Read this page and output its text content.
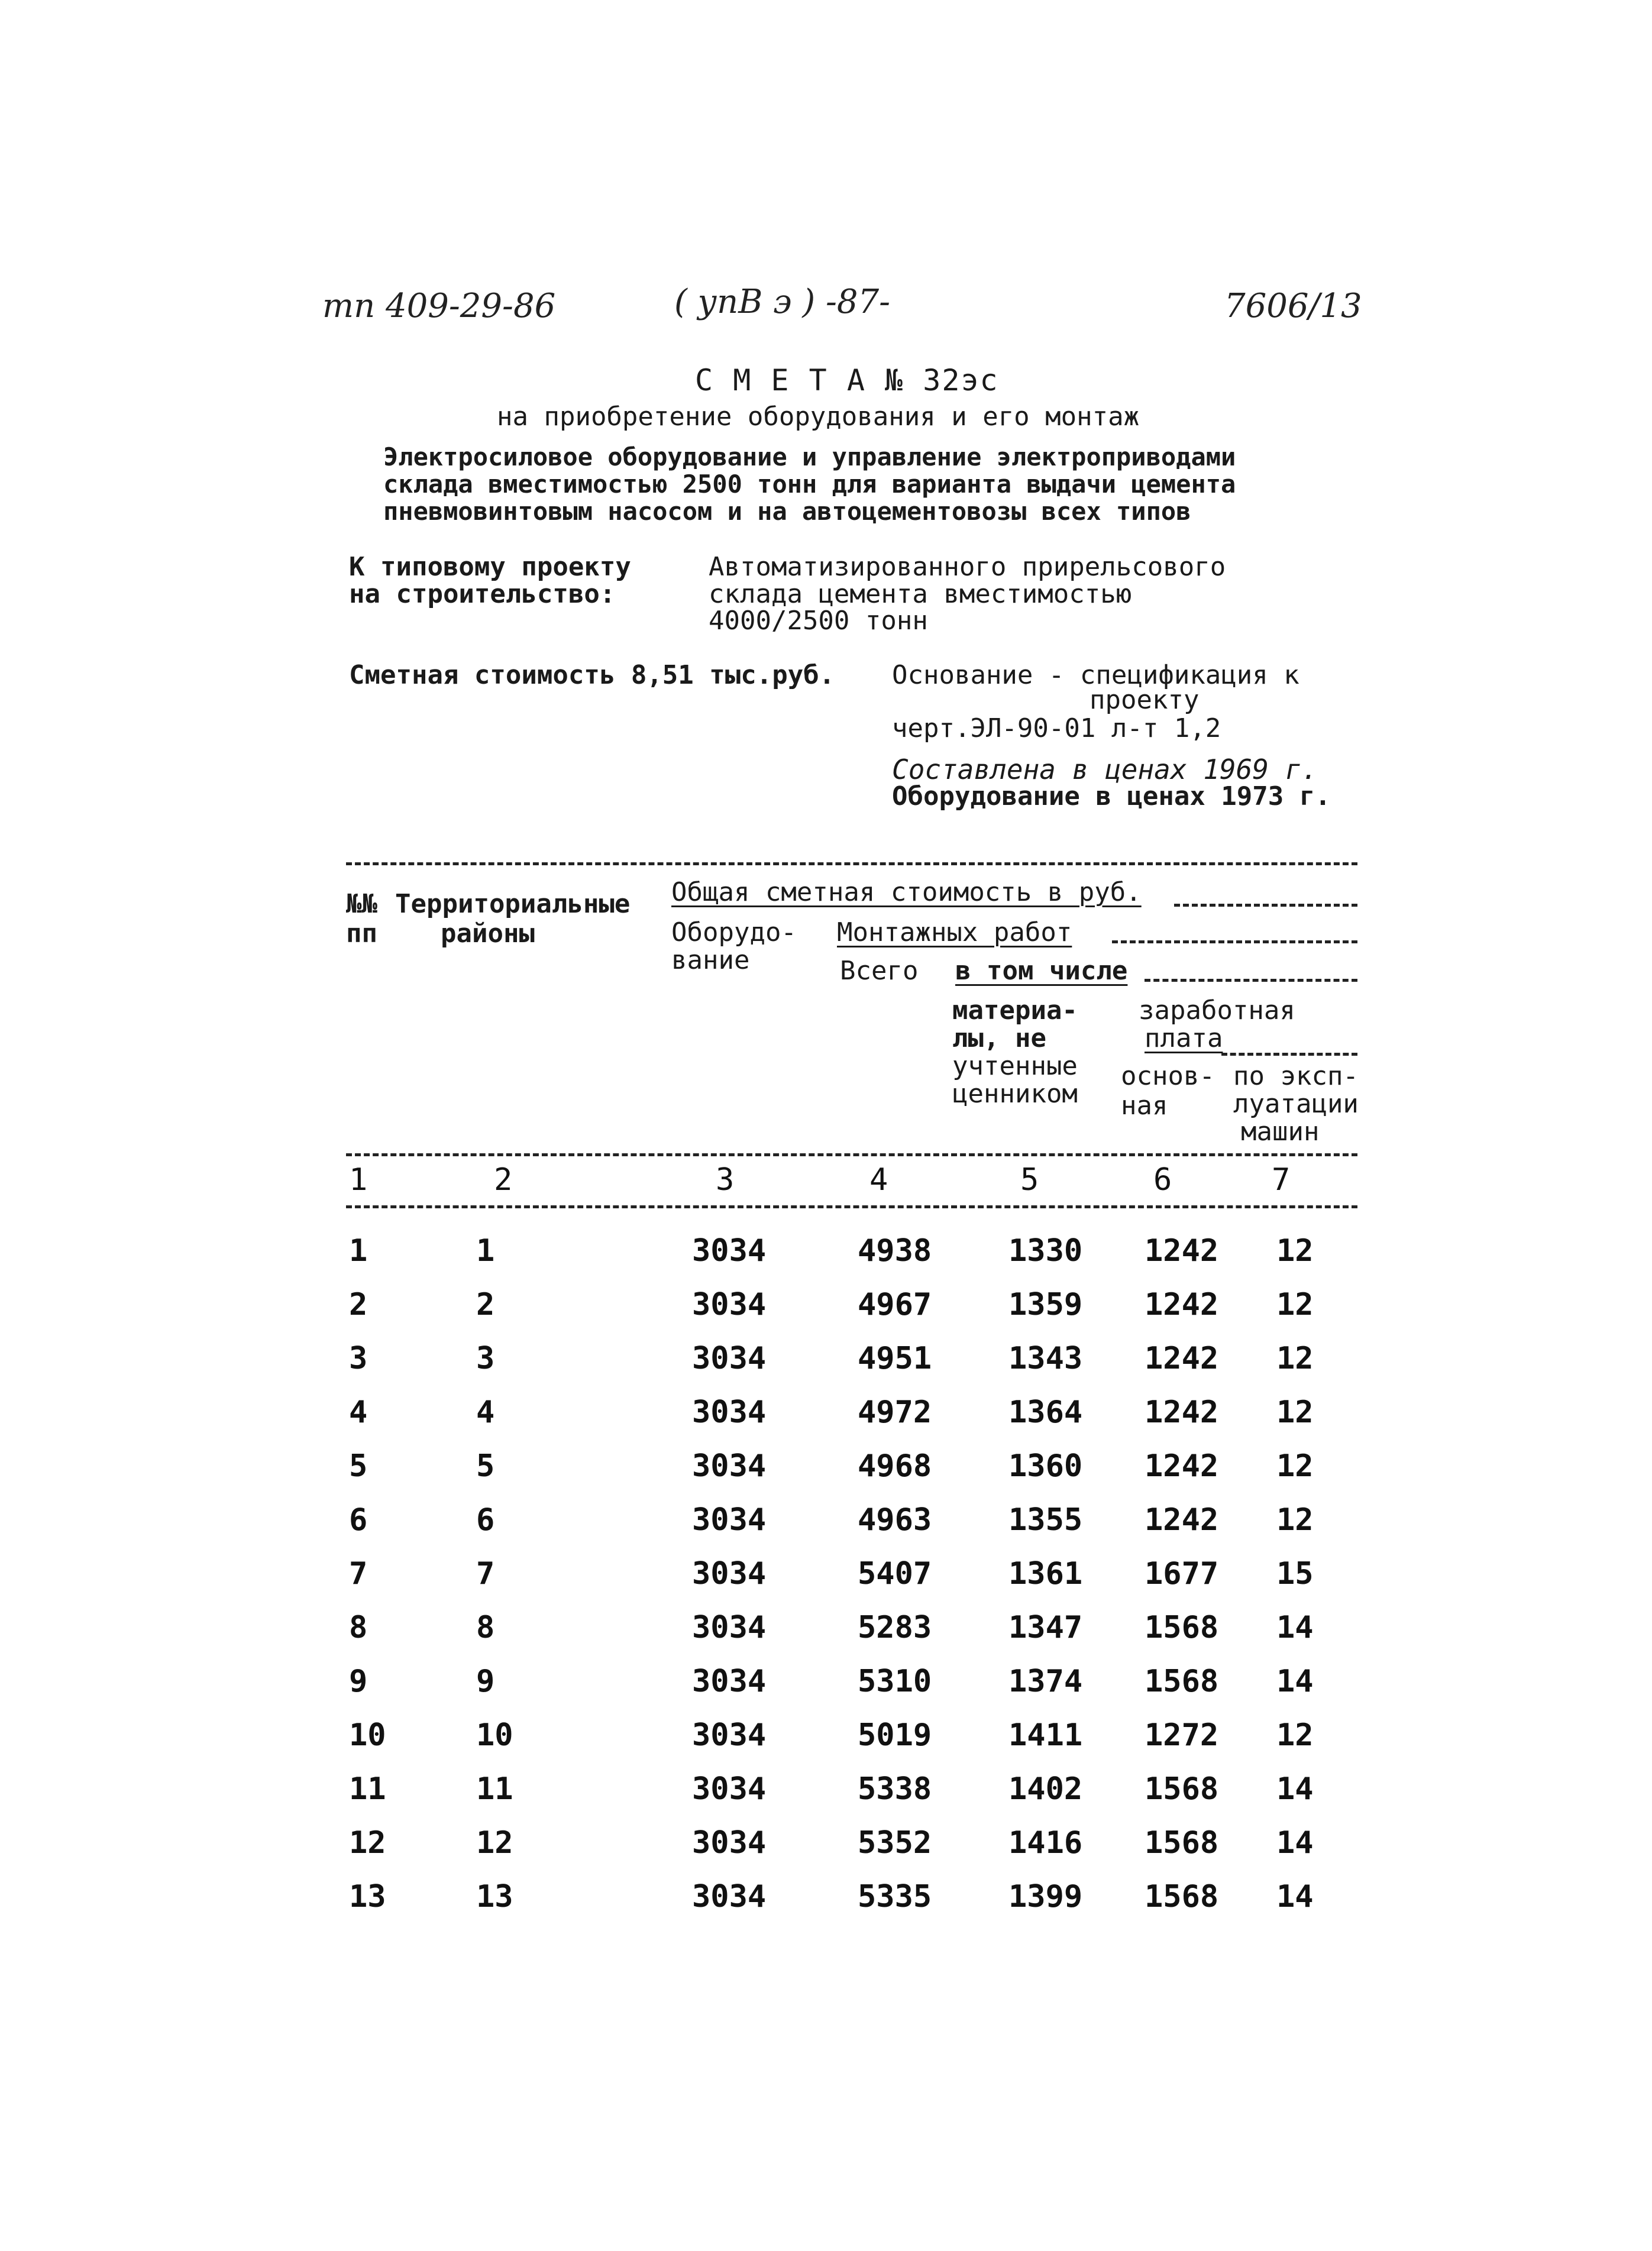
тп 409-29-86	( упВ э ) -87-	7606/13
С М Е Т А № 32эс
на приобретение оборудования и его монтаж
Электросиловое оборудование и управление электроприводами
склада вместимостью 2500 тонн для варианта выдачи цемента
пневмовинтовым насосом и на автоцементовозы всех типов
К типовому проекту
на строительство:
Автоматизированного прирельсового
склада цемента вместимостью
4000/2500 тонн
Сметная стоимость 8,51 тыс.руб. Основание - спецификация к
проекту
черт.ЭЛ-90-01 л-т 1,2
Составлена в ценах 1969 г.
Оборудование в ценах 1973 г.
№№
пп
Территориальные
районы
Общая сметная стоимость в руб.
Оборудо-
вание
Монтажных работ
Всего в том числе
материа-
лы, не
учтенные
ценником
заработная
плата
основ-
ная
по эксп-
луатации
машин
1	2	3	4	5	6	7
1	1	3034	4938 1330 1242 12
2	2	3034	4967 1359 1242 12
3	3	3034	4951 1343 1242 12
4	4	3034	4972 1364 1242 12
5	5	3034	4968 1360 1242 12
6	6	3034	4963 1355 1242 12
7	7	3034	5407 1361 1677 15
8	8	3034	5283 1347 1568 14
9	9	3034	5310 1374 1568 14
10	10	3034	5019 1411 1272 12
11	11	3034	5338 1402 1568 14
12	12	3034	5352 1416 1568 14
13	13	3034	5335 1399 1568 14
